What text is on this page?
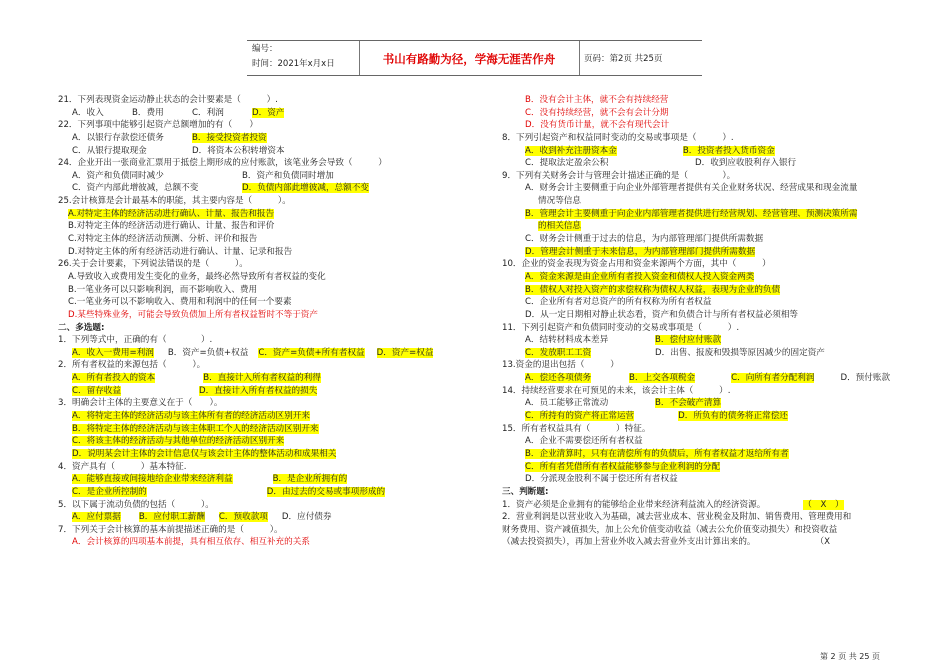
编号：
时间：2021年x月x日	书山有路勤为径，学海无涯苦作舟	页码：第2页 共25页
21．下列表现资金运动静止状态的会计要素是（　　　）.
A．收入	B．费用	C．利润	D．资产
22．下列事项中能够引起资产总额增加的有（　　）
A．以银行存款偿还债务	B．接受投资者投资
C．从银行提取现金	D．将资本公积转增资本
24．企业开出一张商业汇票用于抵偿上期形成的应付账款，该笔业务会导致（　　　）
A．资产和负债同时减少	B．资产和负债同时增加
C．资产内部此增彼减，总额不变	D．负债内部此增彼减，总额不变
25.会计核算是会计最基本的职能，其主要内容是（　　　）。
A.对特定主体的经济活动进行确认、计量、报告和报告
B.对特定主体的经济活动进行确认、计量、报告和评价
C.对特定主体的经济活动预测、分析、评价和报告
D.对特定主体的所有经济活动进行确认、计量、记录和报告
26.关于会计要素，下列说法错误的是（　　　）。
A.导致收入或费用发生变化的业务，最终必然导致所有者权益的变化
B.一笔业务可以只影响利润，而不影响收入、费用
C.一笔业务可以不影响收入、费用和利润中的任何一个要素
D.某些特殊业务，可能会导致负债加上所有者权益暂时不等于资产
二、多选题:
1．下列等式中，正确的有（　　　　）.
A．收入一费用=利润 B．资产=负债+权益 C．资产=负债+所有者权益 D．资产=权益
2．所有者权益的来源包括（　　　）。
A．所有者投入的资本	B．直接计入所有者权益的利得
C．留存收益	D．直接计入所有者权益的损失
3．明确会计主体的主要意义在于（　　）。
A．将特定主体的经济活动与该主体所有者的经济活动区别开来
B．将特定主体的经济活动与该主体职工个人的经济活动区别开来
C．将该主体的经济活动与其他单位的经济活动区别开来
D．说明某会计主体的会计信息仅与该会计主体的整体活动和成果相关
4．资产具有（　　　）基本特征.
A．能够直接或间接地给企业带来经济利益	B．是企业所拥有的
C．是企业所控制的	D．由过去的交易或事项形成的
5．以下属于流动负债的包括（　　　）。
A．应付票据 B．应付职工薪酬 C．预收款项 D．应付债券
7．下列关于会计核算的基本前提描述正确的是（　　　）。
A．会计核算的四项基本前提，具有相互依存、相互补充的关系
B．没有会计主体，就不会有持续经营
C．没有持续经营，就不会有会计分期
D．没有货币计量，就不会有现代会计
8．下列引起资产和权益同时变动的交易或事项是（　　　）.
A．收到补充注册资本金	B．投资者投入货币资金
C．提取法定盈余公积	D．收到应收股利存入银行
9．下列有关财务会计与管理会计描述正确的是（　　　　）。
A．财务会计主要侧重于向企业外部管理者提供有关企业财务状况、经营成果和现金流量
情况等信息
B．管理会计主要侧重于向企业内部管理者提供进行经营规划、经营管理、预测决策所需
的相关信息
C．财务会计侧重于过去的信息，为内部管理部门提供所需数据
D．管理会计侧重于未来信息，为内部管理部门提供所需数据
10．企业的资金表现为资金占用和资金来源两个方面，其中（　　　）
A．资金来源是由企业所有者投入资金和债权人投入资金两类
B．债权人对投入资产的求偿权称为债权人权益，表现为企业的负债
C．企业所有者对总资产的所有权称为所有者权益
D．从一定日期相对静止状态看，资产和负债合计与所有者权益必须相等
11．下列引起资产和负债同时变动的交易或事项是（　　　）.
A．结转材料成本差异	B．偿付应付账款
C．发放职工工资	D．出售、报废和毁损等原因减少的固定资产
13.资金的退出包括（　　　）
A．偿还各项债务	B．上交各项税金	C．向所有者分配利润	D．预付账款
14．持续经营要求在可预见的未来，该会计主体（　　　）.
A．员工能够正常流动	B．不会破产清算
C．所持有的资产将正常运营	D．所负有的债务将正常偿还
15．所有者权益具有（　　　）特征。
A．企业不需要偿还所有者权益
B．企业清算时，只有在清偿所有的负债后，所有者权益才返给所有者
C．所有者凭借所有者权益能够参与企业利润的分配
D．分派现金股利不属于偿还所有者权益
三、判断题:
1．资产必须是企业拥有的能够给企业带来经济利益流入的经济资源。	（　X　）
2．营业利润是以营业收入为基础，减去营业成本、营业税金及附加、销售费用、管理费用和
财务费用、资产减值损失，加上公允价值变动收益（减去公允价值变动损失）和投资收益
（减去投资损失），再加上营业外收入减去营业外支出计算出来的。	（X
第 2 页 共 25 页
